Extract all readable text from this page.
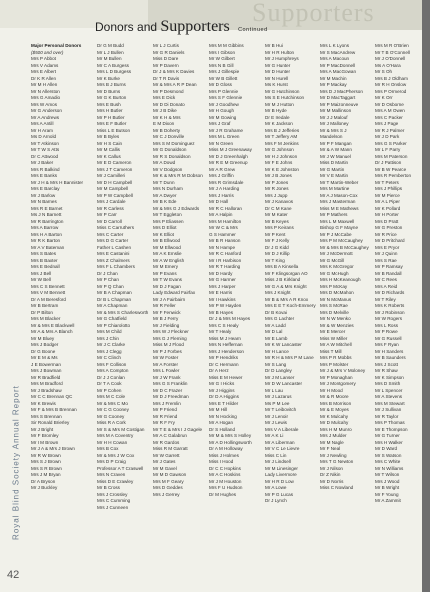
Supporters
Donors and Supporters Continued
Royal Blind Society Annual Report
42
Major Personal Donors
($500 and over)
Mrs P Abbot
Mrs V Adams
Mrs E Albert
Dr K R Allen
Mr M H Allen
Mr N Allerston
Mrs G Amadio
Mrs W Amos
Mr G Anderson
Mr A Andrews
Mrs A Antill
Mr H Aram
Ms D Arnold
Mr T Atkinson
Mr T W S Atts
Dr C Attwood
Mr J Baker
Mrs R Balkind
Mrs E Banks
Mr J H & Mrs H Bannister
Mrs E Barclay
Mr J Barlow
Mr N Barnes
Mrs R E Barnet
Ms J N Barnett
Mr R Barrington
Mrs A Barrow
Mrs H A Barton
Mr R K Barton
Mr A V Bateman
Mrs S Bates
Mrs B Baxter
Mrs E Bednall
Mrs J Bell
Mr W Bell
Mrs C S Bennett
Mrs V M Bennett
Dr A M Beresford
Mr B Bertram
Dr P Bilton
Mrs M Blacker
Mr & Mrs E Blackwell
Mr A & Mrs A Blanch
Mr M Bluey
Mrs J Bodger
Dr G Boone
Mr E M & Ms
J E Bowerman
Mrs J Bowman
Mr R Bradfield
Mrs M Bradford
Mr J Bradshaw
Mr C C Brennan QC
Mr K Brewis
Mr F & Mrs B Brennan
Mrs S Brennan
Sir Ronald Brierley
Mr J Bright
Mr F Bromley
Mr I M Brown
Mr J A & Mrs J Brown
Mr R W Brown
Mrs S J Brown
Mrs S R Brown
Mrs J M Bryan
Dr A Bryson
Mr J Buckley
Dr G M Budd
Mr L J Bullen
Mr M Bullen
Mr C A Burgess
Mrs L D Burgess
Mr K Burke
Mrs B J Burns
Mr D Burns
Mr G K Burton
Mrs E Bush
Mrs H Butler
Mr P H Butler
Mrs E F Butler
Miss L E Butson
Mr B Byles
Mr H S Cain
Mr M Callis
Mr K Callus
Mr E D Cameron
Mrs J T Cameron
Mr J Camilleri
Mr D H Campbell
Mr M Campbell
Mr P W Campbell
Mrs J Cardale
Mr R Carless
Mr P Carr
Mr D Carroll
Miss C Carruthers
Mrs C Carter
Mrs D G Carter
Father L Cashen
Mrs E Castanini
Mrs Z Chalmers
Mrs F L Chambers
Dr J Chan
Mr P Chan
Mr P Q Chan
Mr B A Chapman
Dr B L Chapman
Mr A Chapman
Mr & Mrs S Charlesworth
Mr G Chatfield
Mr P Chiarolotto
Mrs M Child
Mrs J Chin
Mr J C Clarke
Mrs J Clegg
Mr C Clinch
Mrs F Collison
Mrs A Compton
Dr J J Conlan
Dr T A Cook
Mr P Cohen
Mrs M C Cole
Mr & Mrs C Mo
Mr C G Cooney
Mr G Cooney
Miss R A Cork
Mr S & Mrs M Costigan
Mrs M A Coventry
Mr H H Cowan
Mrs B Cox
Mr & Mrs J W Cox
Mrs D P Craig
Professor A T Craswell
Mrs N Craven
Miss D E Crawley
Mr B Cross
Mrs J Crossley
Mrs C Cumming
Mrs J Cunneen
Mr L J Curtis
Mr G R Daniels
Miss D Dare
Mr P Davern
Dr J & Mrs K Davies
Dr T R Davis
Mr & Mrs A R P Dean
Mr P Desmond
Mrs E Dick
Mr D Di Donato
Mr J B Dike
Mr K H & Mrs
E M Dixon
Mr B Doherty
Mr C J Donville
Mrs S M Dominguez
Mr G Donaldson
Mr R S Donaldson
Mr A Dowd
Mr V Dodgson
Mr K & Mrs R M Dobson
Mr T Dunn
Mrs N Durham
Mr A Dwyer
Mr B K Ede
Mr & Mrs G J Edwards
Mr T Eggleton
Mrs P Eliassen
Mrs D Elliot
Mr K Elliot
Mr B Ellwood
Mr M Ellwood
Mr A K Emslie
Mr A W English
Mr M Emery
Mr P Evans
Mr T W Evans
Mr D J Fagan
Lady Edward Fairfax
Mr J A Fairbairn
Mr R Feller
Mr F Fenwick
Mr B J Ferry
Mr J Fielding
Mrs W J Fleckner
Mrs G J Fleming
Miss M J Flood
Mr P J Forbes
Mr W Foster
Mr A Forster
Mrs L Fowler
Mr J W Frank
Mrs G S Franklin
Mr D C Frazer
Mr D J Freedman
Mrs J Fremlin
Mr P Friend
Mr R Friend
Mr R F Fry
Mr T E & Mrs I J Gagele
Mr A C Galabrun
Mr R Gardos
Miss R M Garratt
Mr W Garrett
Mr J Gates
Mr M Gavel
Mr M D Gawson
Mrs M F Geary
Mrs D Geddes
Mrs J Gerrey
Mrs M M Gibbins
Mrs I Gibson
Mr W Gilbert
Mrs N B Gill
Mrs J Gillespie
Mr W B Gillett
Mr D Gloss
Mrs P Glennie
Mrs S F Glennie
Mr J Goodhew
Mr H Gough
Mr M Gowing
Mrs J Graf
Mr J R Grahame
Mrs M L Green
Mr N Green
Miss M J Greenaway
Mr D J Greenhalgh
Mr R E M Greenup
Mr A R Grew
Mrs J Griffin
Mrs R Grimsdale
Mr J A Harding
Mrs J Harris
Mr D Hall
Mr R C Halloran
Mr A Halpin
Mrs M Hamilton
Mr W C & Mrs
G S Hammer
Mr B R Hanson
Mr N Hampe
Mr R C Hanford
Mr I R Harbison
Mr R T Harding
Mr D Hardy
Mr G Harmer
Mrs J Harper
Mr E Harris
Mr I Hawkins
Mr P W Hayden
Mr B Hayes
Dr J & Mrs M Hayes
Mrs C S Healy
Mr T Healy
Miss M J Hearn
Mrs N Heffernan
Mrs J Henderson
Mr P Hendriks
Dr C Hermann
Dr A Herz
Miss E M Hewer
Mr G I Hicks
Mr J Higgins
Dr D A Higgins
Mrs E T Hilder
Mr M Hill
Mr N Hocking
Mr A Hogan
Dr S Holland
Mr M & Mrs S Holley
Mr A D Hollingsworth
Dr A M Holloway
Miss J Holmes
Miss I Hood
Dr C C Hopkins
Mr A C Hoskins
Mr J M Houston
Mrs F U Hudson
Dr M Hughes
Mr B Hui
Mr H R Hulton
Mr J Humphreys
Mr G Hunter
Mr D Hunter
Mr N Hurell
Ms K Hurst
Mr G Hutchinson
Ms S E Hutchinson
Mr M J Hutton
Mr B Hyde
Dr E Iredale
Mr K Jackson
Mrs B J Jefferies
Mr T Jeffery AM
Mrs F M Jenkins
Mr G Johnson
Mr H J Johnson
Mr F E Johns
Mr K E Johnston
Mr J B Jones
Mr P Jones
Mr R Jones
Mrs J Jupp
Mr J Kanavos
Dr C M Kane
Mr M Kater
Mr B Keyes
Mrs P Keirans
Mr P Kent
Mr F J Kelly
Dr J G Kidd
Mr D J Killip
Mr T King
Mrs B A Kinsella
Mr F Klingsorgan AO
Miss J B Kirkland
Mr G A & Mrs Knight
Mrs J Knight
Mr B & Mrs A R Knox
Mrs E E T Koch-Emmery
Dr B Kovai
Mrs G Lachter
Mr A Ladd
Mr D Lal
Mr E Lamb
Mr K W Lancaster
Mr H Lance
Mr R H & Mrs P M Lane
Mr S Lang
Dr D Langley
Mr J M Lanser
Mr D W Lancaster
Mr L Lau
Mr J Lazarus
Ms P M Lee
Mr T Leibovitch
Mr J Lenoir
Mr J Lewis
Mrs V A Liberale
Mr A K Li
Mr A Liberman
Mr V C Le Lievre
Miss C Lin
Mr J Lindsell
Mr M Linesinger
Lady Livermore
Mr H R D Low
Mr A Lowe
Mr P G Lucas
Dr J Lynch
Mrs L K Lyons
Mr S MacAndrew
Mrs A Macoun
Mr P MacDonnell
Mrs A MacGowan
Mr M Machin
Mr P Mackay
Mrs D J MacPherson
Mr D MacTaggart
Mr P Maizonneuve
Mr M Mallinson
Mr J J Malouf
Mr J Malloney
Mr & Mrs S J
Mandelson
Mr P F Mangan
Mr & A W Mann
Mr J W Manuel
Miss D Martin
Mr G Martin
Mr V E Martin
Mr T Martin-Weber
Mrs M Martine
Mr A J Mason-Cox
Mrs J Masterman
Miss M E Mathews
Mr P Mathers
Mrs L M Maxwell
Bishop G F Mayne
Mr P J McCabe
Mrs P M McCaughey
Mr & Mrs B McCaughey
Mr J McDermott
Mr G McGill
Mrs K McGregor
Mr G McHugh
Mrs H McKeanough
Mrs P McKay
Mrs D McMahon
Mr N McManus
Mrs S McRae
Mrs D Melville
Mr N W Menko
Mr & W Menzies
Mr E Mercer
Miss W Miller
Mr A W Mitchell
Miss T Mill
Mrs P R Mobbs
Mrs P Molster
Mr J & Mrs V Moloney
Mr P Monaghan
Mr J Montgomery
Mr H Mood
Mr & R Moore
Mrs B Morrison
Mr & E Moyes
Mr K Mulcahy
Mr D Mulcahy
Mrs H M Munro
Mrs J Mulder
Mr M Nagle
Mr F Neal
Mr J Newling
Mrs T G Newton
Mr J Nilson
Dr Z Nikin
Mr D Norris
Miss C Nowland
Mrs M R O'Brien
Mr T B O'Connell
Mr J O'Donnell
Ms A O'Hara
Mr S Oh
Mrs B J Oldham
Mr R H Onslow
Mrs P Ormerod
Mr K Orr
Mr D Osborne
Mrs A M Owen
Mrs C Packer
Mrs J Page
Mr R J Palmer
Mr J D Park
Mrs G S Parker
Mr L F Parry
Mrs M Paterson
Dr J Pattison
Mr B W Pearce
Mrs R Pemberton
Mr T Peters
Mrs J Phillips
Mr M Pierce
Mr A L Piper
Mr K Pollard
Mr H Porter
Mrs D Pratt
Mr G Preston
Mr R Price
Mr D Pritchard
Mrs E Pryor
Mr J Quinn
Mrs S Rae
Mr P Ramsay
Mr B Randall
Mr C Rees
Mrs A Reid
Mr D Richards
Mr T Riley
Mrs K Roberts
Mr J Robinson
Mr W Rogers
Mrs L Ross
Mr P Rowe
Mr G Russell
Mrs F Ryan
Mr H Sanders
Mr B Saunders
Mrs J Scott
Mr R Shaw
Mr K Simpson
Mrs D Smith
Mr L Spencer
Mr A Stevens
Mrs M Stewart
Mr J Sullivan
Mr R Taylor
Mrs P Thomas
Mr E Thompson
Mr G Turner
Mrs H Walker
Mr D Ward
Mr S Watson
Mrs C White
Mr N Williams
Mr T Wilson
Mrs J Wood
Mr B Wright
Mr F Young
Mr A Zammit
